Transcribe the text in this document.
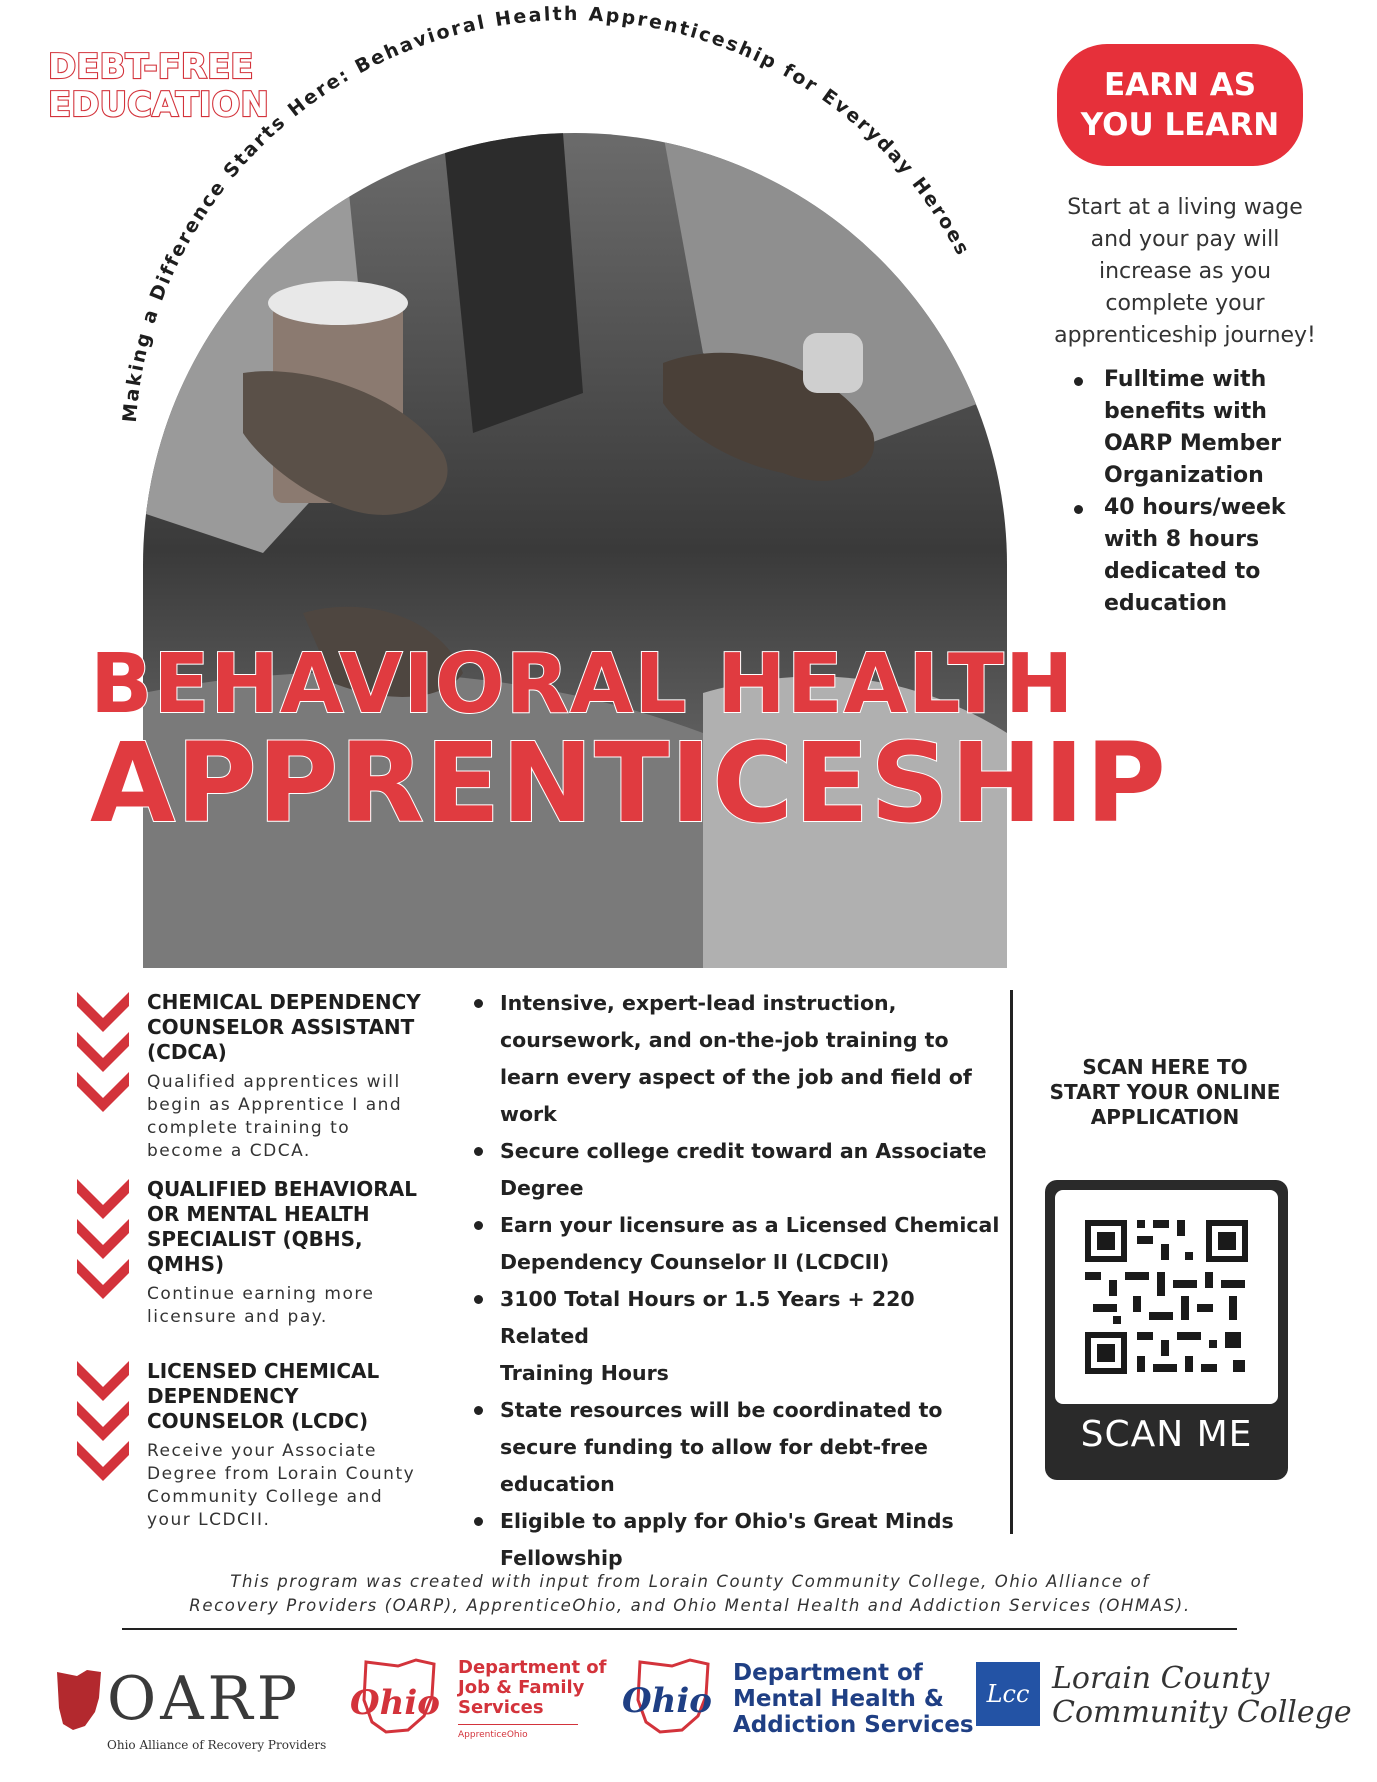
DEBT-FREE
EDUCATION
Making a Difference Starts Here: Behavioral Health Apprenticeship for Everyday Heroes
EARN AS
YOU LEARN
Start at a living wage
and your pay will
increase as you
complete your
apprenticeship journey!
Fulltime with
benefits with
OARP Member
Organization
40 hours/week
with 8 hours
dedicated to
education
BEHAVIORAL HEALTH
APPRENTICESHIP
CHEMICAL DEPENDENCY
COUNSELOR ASSISTANT
(CDCA)
Qualified apprentices will
begin as Apprentice I and
complete training to
become a CDCA.
QUALIFIED BEHAVIORAL
OR MENTAL HEALTH
SPECIALIST (QBHS,
QMHS)
Continue earning more
licensure and pay.
LICENSED CHEMICAL
DEPENDENCY
COUNSELOR (LCDC)
Receive your Associate
Degree from Lorain County
Community College and
your LCDCII.
Intensive, expert-lead instruction,
coursework, and on-the-job training to
learn every aspect of the job and field of
work
Secure college credit toward an Associate
Degree
Earn your licensure as a Licensed Chemical
Dependency Counselor II (LCDCII)
3100 Total Hours or 1.5 Years + 220 Related
Training Hours
State resources will be coordinated to
secure funding to allow for debt-free
education
Eligible to apply for Ohio's Great Minds
Fellowship
SCAN HERE TO
START YOUR ONLINE
APPLICATION
SCAN ME
This program was created with input from Lorain County Community College, Ohio Alliance of
Recovery Providers (OARP), ApprenticeOhio, and Ohio Mental Health and Addiction Services (OHMAS).
OARP
Ohio Alliance of Recovery Providers
Ohio
Department of
Job & Family
Services
ApprenticeOhio
Ohio
Department of
Mental Health &
Addiction Services
Lcc Lorain County
Community College
